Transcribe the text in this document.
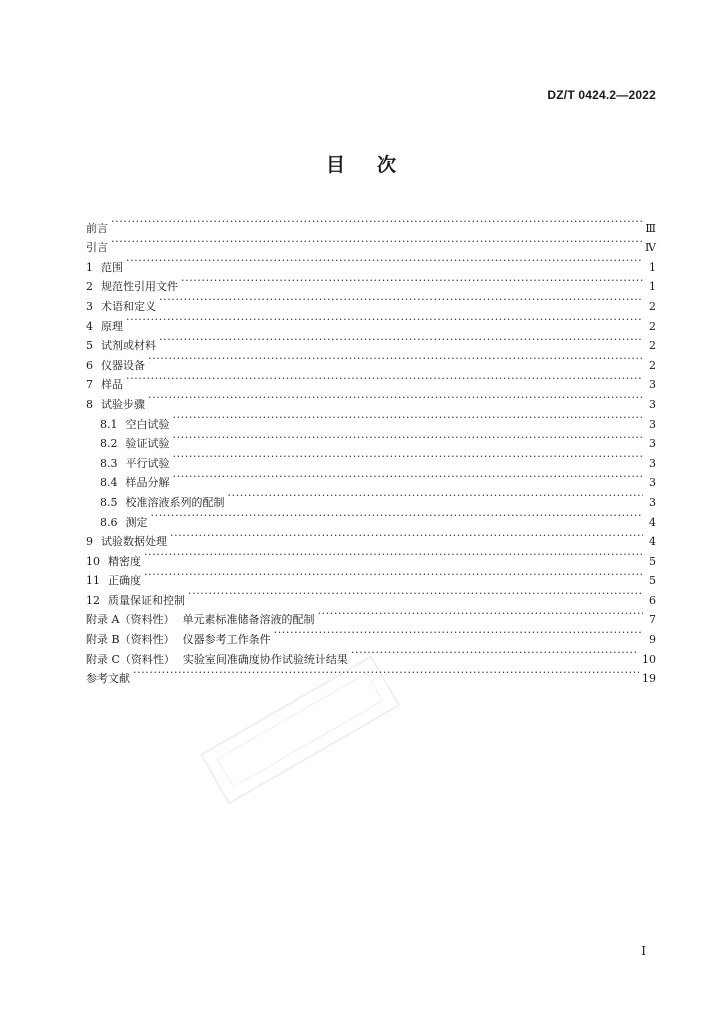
DZ/T 0424.2—2022
目 次
前言 ·····	Ⅲ
引言 ·····	Ⅳ
1 范围 ·····	1
2 规范性引用文件 ·····	1
3 术语和定义 ·····	2
4 原理 ·····	2
5 试剂或材料 ·····	2
6 仪器设备 ·····	2
7 样品 ·····	3
8 试验步骤 ·····	3
8.1 空白试验 ·····	3
8.2 验证试验 ·····	3
8.3 平行试验 ·····	3
8.4 样品分解 ·····	3
8.5 校准溶液系列的配制 ·····	3
8.6 测定 ·····	4
9 试验数据处理 ·····	4
10 精密度 ·····	5
11 正确度 ·····	5
12 质量保证和控制 ·····	6
附录 A（资料性） 单元素标准储备溶液的配制 ·····	7
附录 B（资料性） 仪器参考工作条件 ·····	9
附录 C（资料性） 实验室间准确度协作试验统计结果 ·····	10
参考文献 ·····	19
I
